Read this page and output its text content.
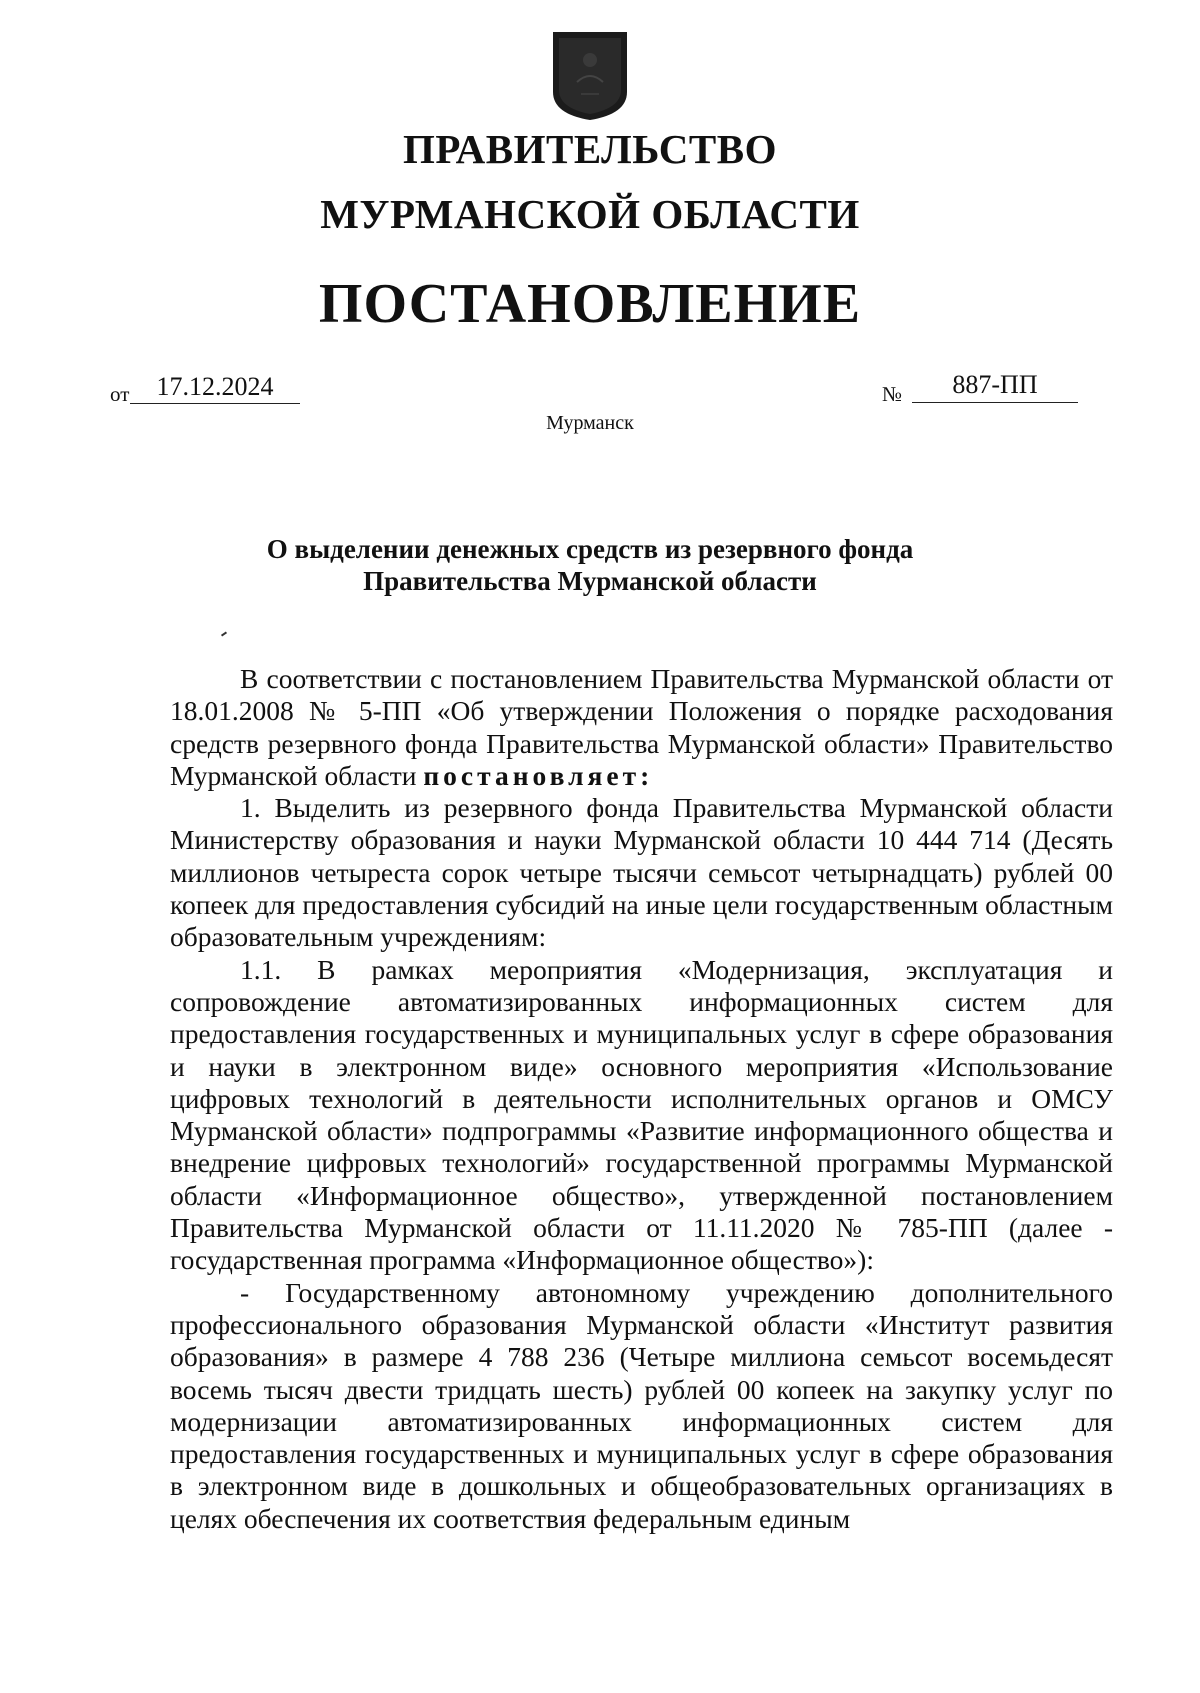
ПРАВИТЕЛЬСТВО
МУРМАНСКОЙ ОБЛАСТИ
ПОСТАНОВЛЕНИЕ
от	17.12.2024	№	887-ПП
Мурманск
О выделении денежных средств из резервного фонда
Правительства Мурманской области

В соответствии с постановлением Правительства Мурманской области от 18.01.2008 № 5-ПП «Об утверждении Положения о порядке расходования средств резервного фонда Правительства Мурманской области» Правительство Мурманской области постановляет:

1. Выделить из резервного фонда Правительства Мурманской области Министерству образования и науки Мурманской области 10 444 714 (Десять миллионов четыреста сорок четыре тысячи семьсот четырнадцать) рублей 00 копеек для предоставления субсидий на иные цели государственным областным образовательным учреждениям:

1.1. В рамках мероприятия «Модернизация, эксплуатация и сопровождение автоматизированных информационных систем для предоставления государственных и муниципальных услуг в сфере образования и науки в электронном виде» основного мероприятия «Использование цифровых технологий в деятельности исполнительных органов и ОМСУ Мурманской области» подпрограммы «Развитие информационного общества и внедрение цифровых технологий» государственной программы Мурманской области «Информационное общество», утвержденной постановлением Правительства Мурманской области от 11.11.2020 № 785-ПП (далее - государственная программа «Информационное общество»):

- Государственному автономному учреждению дополнительного профессионального образования Мурманской области «Институт развития образования» в размере 4 788 236 (Четыре миллиона семьсот восемьдесят восемь тысяч двести тридцать шесть) рублей 00 копеек на закупку услуг по модернизации автоматизированных информационных систем для предоставления государственных и муниципальных услуг в сфере образования в электронном виде в дошкольных и общеобразовательных организациях в целях обеспечения их соответствия федеральным единым
